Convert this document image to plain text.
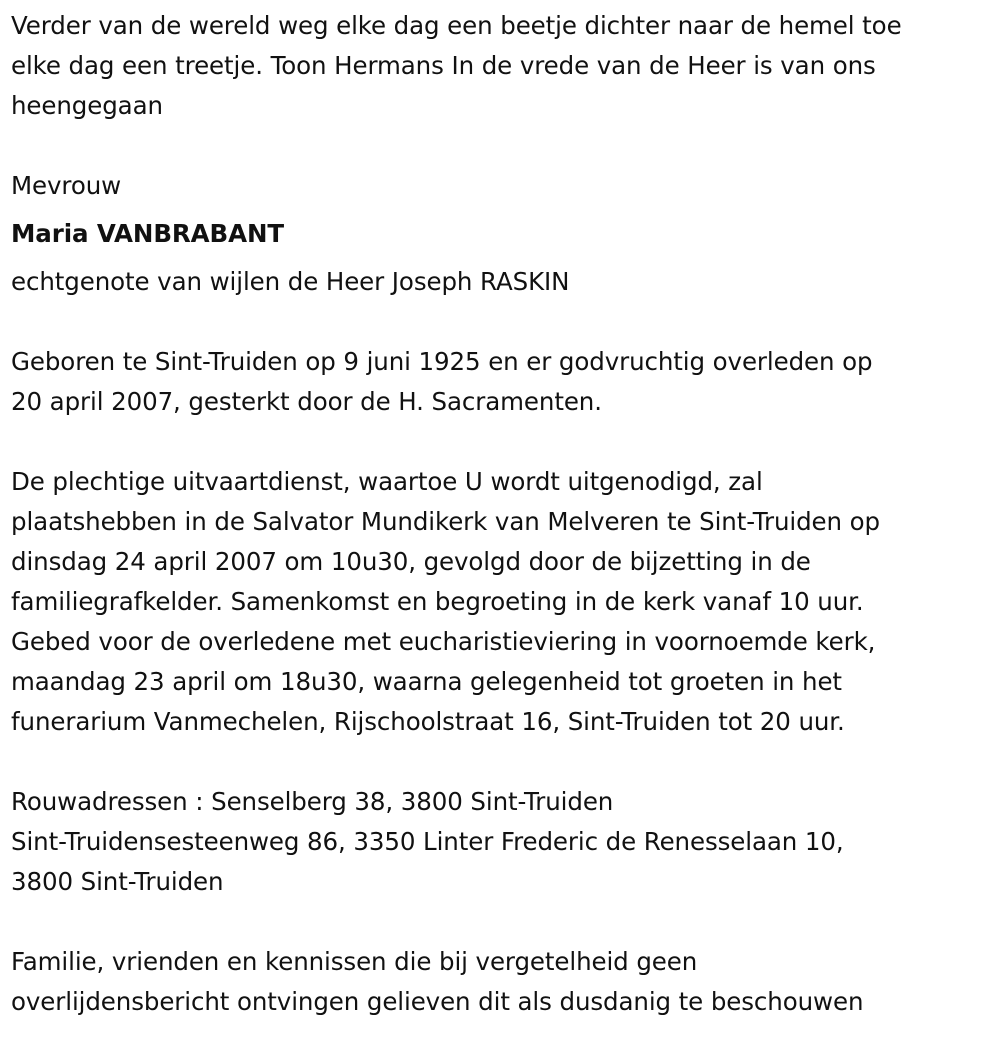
Verder van de wereld weg elke dag een beetje dichter naar de hemel toe
elke dag een treetje. Toon Hermans In de vrede van de Heer is van ons
heengegaan
Mevrouw
Maria VANBRABANT
echtgenote van wijlen de Heer Joseph RASKIN
Geboren te Sint-Truiden op 9 juni 1925 en er godvruchtig overleden op
20 april 2007, gesterkt door de H. Sacramenten.
De plechtige uitvaartdienst, waartoe U wordt uitgenodigd, zal
plaatshebben in de Salvator Mundikerk van Melveren te Sint-Truiden op
dinsdag 24 april 2007 om 10u30, gevolgd door de bijzetting in de
familiegrafkelder. Samenkomst en begroeting in de kerk vanaf 10 uur.
Gebed voor de overledene met eucharistieviering in voornoemde kerk,
maandag 23 april om 18u30, waarna gelegenheid tot groeten in het
funerarium Vanmechelen, Rijschoolstraat 16, Sint-Truiden tot 20 uur.
Rouwadressen : Senselberg 38, 3800 Sint-Truiden
Sint-Truidensesteenweg 86, 3350 Linter Frederic de Renesselaan 10,
3800 Sint-Truiden
Familie, vrienden en kennissen die bij vergetelheid geen
overlijdensbericht ontvingen gelieven dit als dusdanig te beschouwen
